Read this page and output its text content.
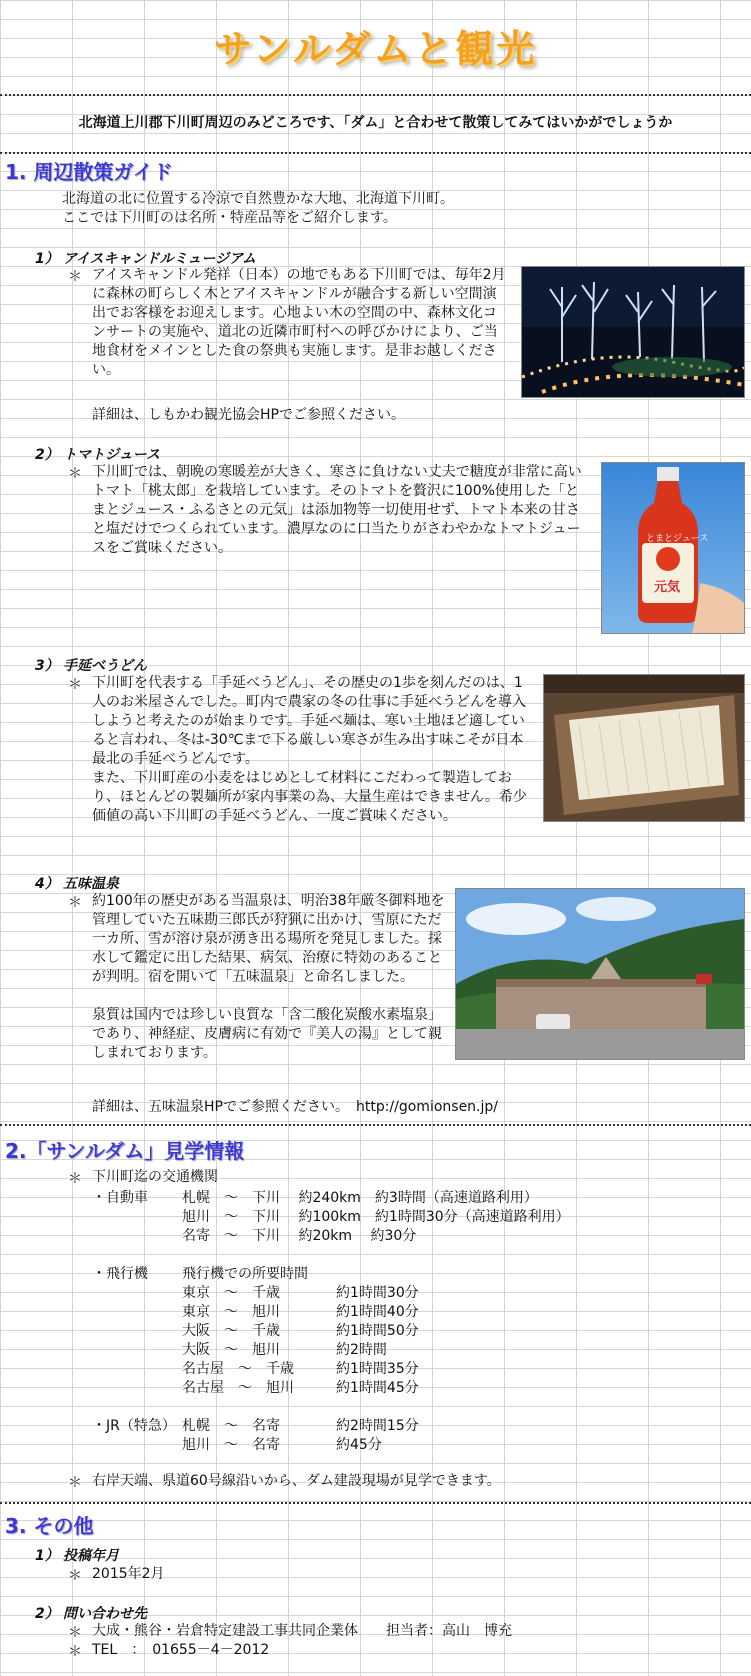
サンルダムと観光
北海道上川郡下川町周辺のみどころです、「ダム」と合わせて散策してみてはいかがでしょうか
1. 周辺散策ガイド
北海道の北に位置する冷涼で自然豊かな大地、北海道下川町。
ここでは下川町のは名所・特産品等をご紹介します。
1） アイスキャンドルミュージアム
＊ アイスキャンドル発祥（日本）の地でもある下川町では、毎年2月に森林の町らしく木とアイスキャンドルが融合する新しい空間演出でお客様をお迎えします。心地よい木の空間の中、森林文化コンサートの実施や、道北の近隣市町村への呼びかけにより、ご当地食材をメインとした食の祭典も実施します。是非お越しください。
詳細は、しもかわ観光協会HPでご参照ください。
2） トマトジュース
＊ 下川町では、朝晩の寒暖差が大きく、寒さに負けない丈夫で糖度が非常に高いトマト「桃太郎」を栽培しています。そのトマトを贅沢に100%使用した「とまとジュース・ふるさとの元気」は添加物等一切使用せず、トマト本来の甘さと塩だけでつくられています。濃厚なのに口当たりがさわやかなトマトジュースをご賞味ください。
とまとジュース
元気
3） 手延べうどん
＊ 下川町を代表する「手延べうどん」、その歴史の1歩を刻んだのは、1人のお米屋さんでした。町内で農家の冬の仕事に手延べうどんを導入しようと考えたのが始まりです。手延べ麺は、寒い土地ほど適していると言われ、冬は-30℃まで下る厳しい寒さが生み出す味こそが日本最北の手延べうどんです。
また、下川町産の小麦をはじめとして材料にこだわって製造しており、ほとんどの製麺所が家内事業の為、大量生産はできません。希少価値の高い下川町の手延べうどん、一度ご賞味ください。
4） 五味温泉
＊ 約100年の歴史がある当温泉は、明治38年厳冬御料地を管理していた五味勘三郎氏が狩猟に出かけ、雪原にただ一カ所、雪が溶け泉が湧き出る場所を発見しました。採水して鑑定に出した結果、病気、治療に特効のあることが判明。宿を開いて「五味温泉」と命名しました。
泉質は国内では珍しい良質な「含二酸化炭酸水素塩泉」であり、神経症、皮膚病に有効で『美人の湯』として親しまれております。
詳細は、五味温泉HPでご参照ください。　http://gomionsen.jp/
2.「サンルダム」見学情報
＊ 下川町迄の交通機関
・自動車 札幌　～　下川　 約240km　約3時間（高速道路利用）
旭川　～　下川　 約100km　約1時間30分（高速道路利用）
名寄　～　下川　 約20km　 約30分
・飛行機 飛行機での所要時間
東京　～　千歳　　　　約1時間30分
東京　～　旭川　　　　約1時間40分
大阪　～　千歳　　　　約1時間50分
大阪　～　旭川　　　　約2時間
名古屋　～　千歳　　　約1時間35分
名古屋　～　旭川　　　約1時間45分
・JR（特急） 札幌　～　名寄　　　　約2時間15分
旭川　～　名寄　　　　約45分
＊ 右岸天端、県道60号線沿いから、ダム建設現場が見学できます。
3. その他
1） 投稿年月
＊ 2015年2月
2） 問い合わせ先
＊ 大成・熊谷・岩倉特定建設工事共同企業体　　担当者：高山　博充
＊ TEL　：　01655－4－2012
